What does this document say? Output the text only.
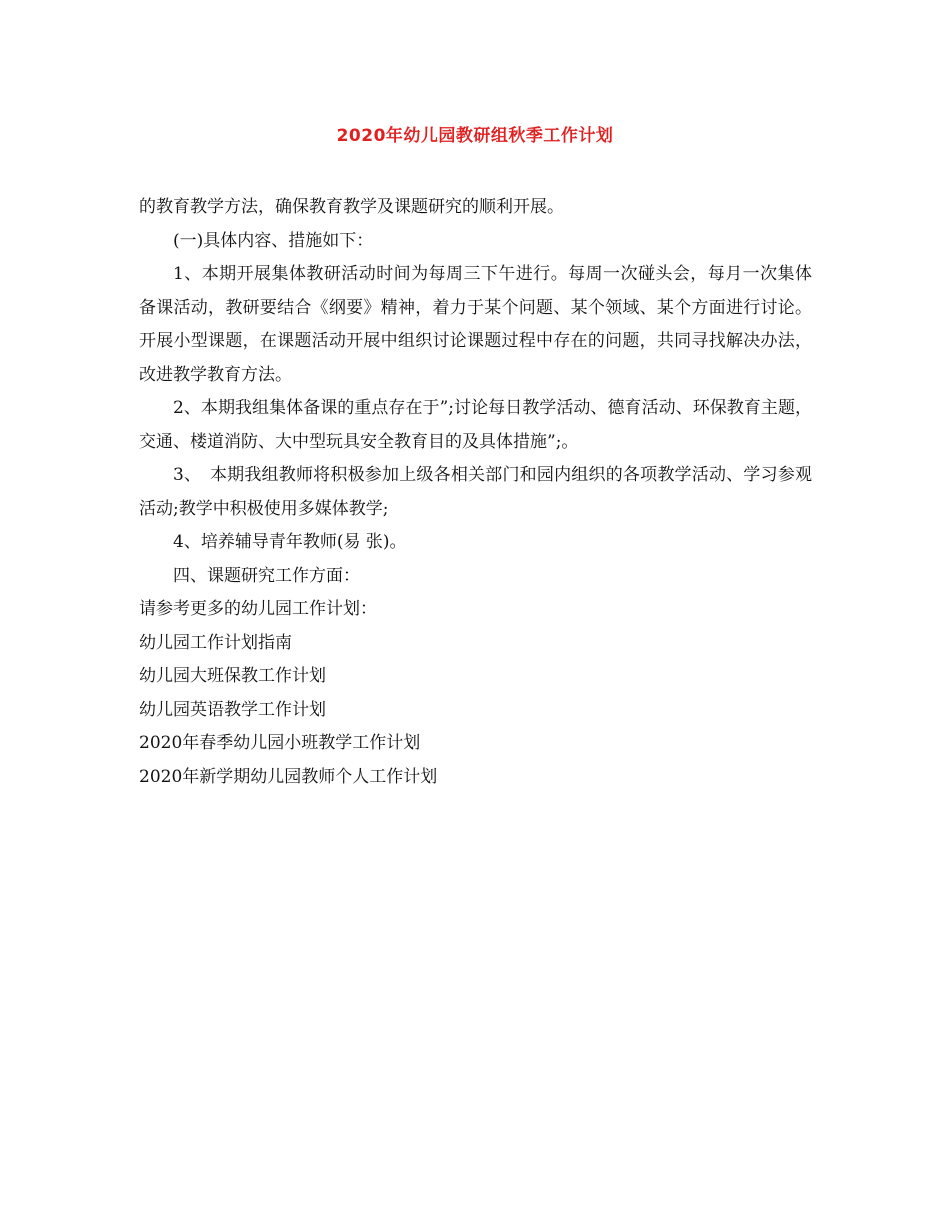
2020年幼儿园教研组秋季工作计划

的教育教学方法，确保教育教学及课题研究的顺利开展。

(一)具体内容、措施如下：

1、本期开展集体教研活动时间为每周三下午进行。每周一次碰头会，每月一次集体备课活动，教研要结合《纲要》精神，着力于某个问题、某个领域、某个方面进行讨论。开展小型课题，在课题活动开展中组织讨论课题过程中存在的问题，共同寻找解决办法，改进教学教育方法。

2、本期我组集体备课的重点存在于”;讨论每日教学活动、德育活动、环保教育主题，交通、楼道消防、大中型玩具安全教育目的及具体措施”;。

3、　本期我组教师将积极参加上级各相关部门和园内组织的各项教学活动、学习参观活动;教学中积极使用多媒体教学;

4、培养辅导青年教师(易 张)。

四、课题研究工作方面：

请参考更多的幼儿园工作计划：

幼儿园工作计划指南
幼儿园大班保教工作计划
幼儿园英语教学工作计划
2020年春季幼儿园小班教学工作计划
2020年新学期幼儿园教师个人工作计划
